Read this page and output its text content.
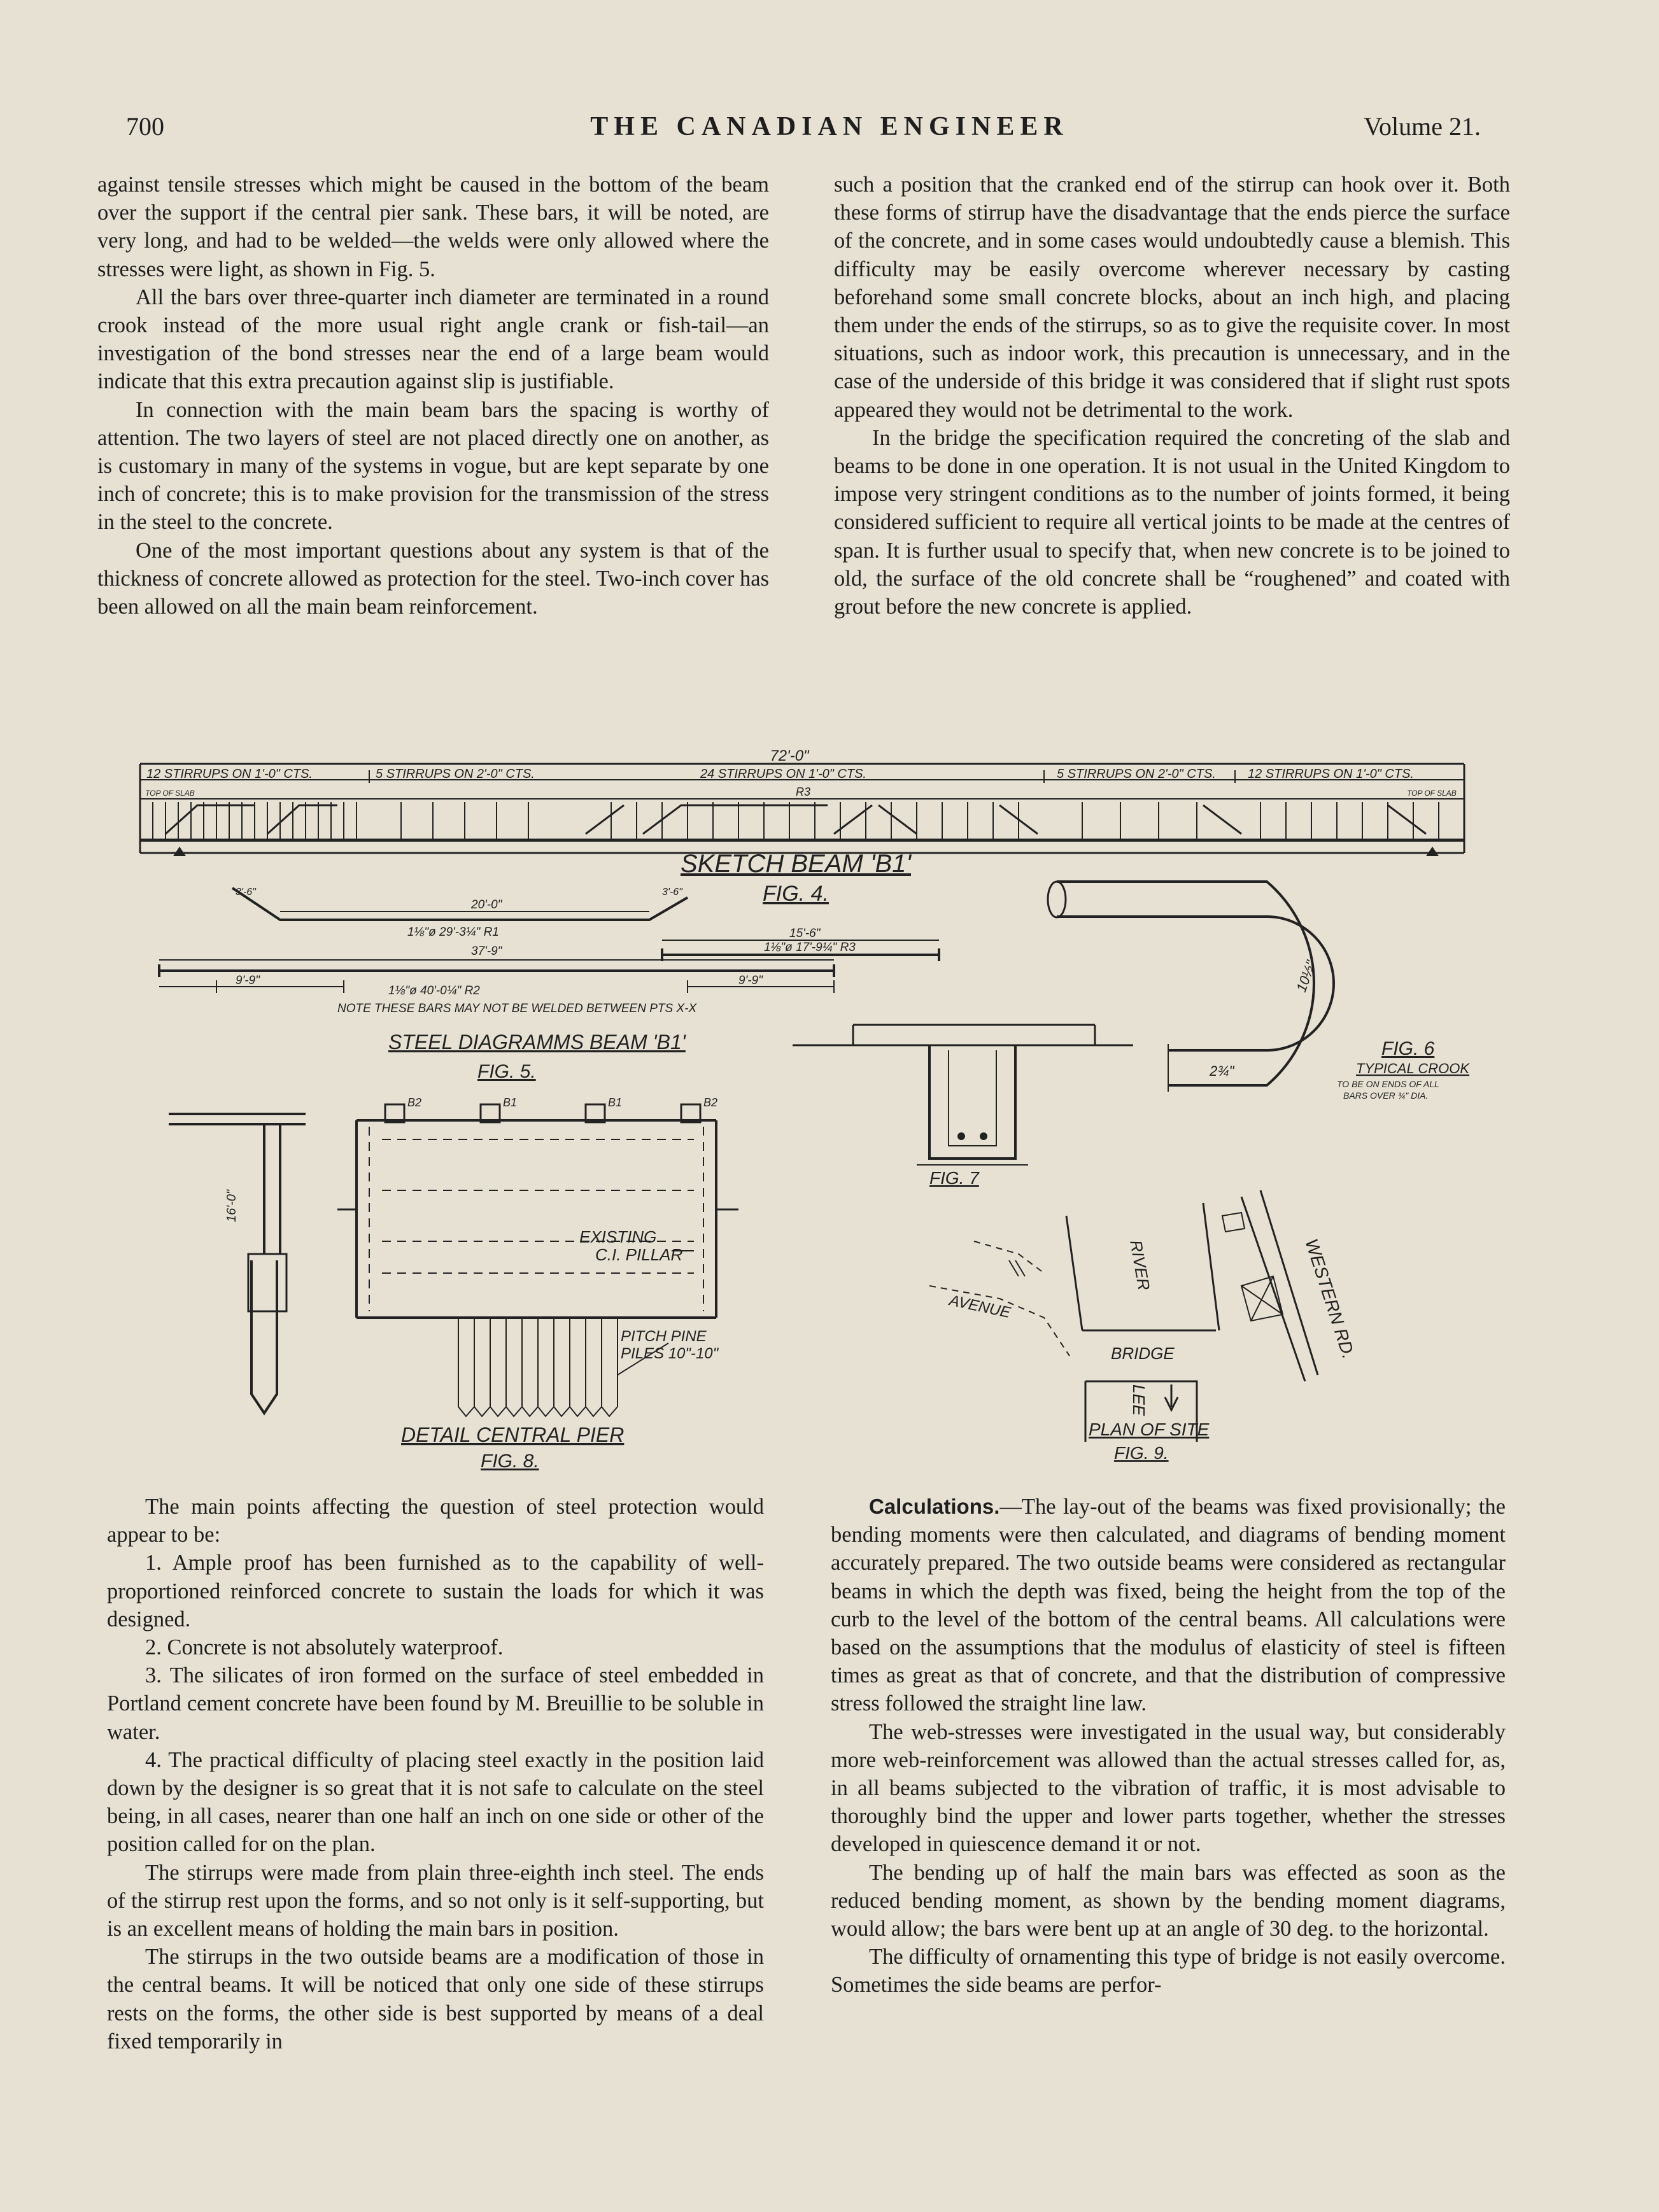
700	THE CANADIAN ENGINEER	Volume 21.

against tensile stresses which might be caused in the bottom of the beam over the support if the central pier sank. These bars, it will be noted, are very long, and had to be welded—the welds were only allowed where the stresses were light, as shown in Fig. 5.

All the bars over three-quarter inch diameter are terminated in a round crook instead of the more usual right angle crank or fish-tail—an investigation of the bond stresses near the end of a large beam would indicate that this extra precaution against slip is justifiable.

In connection with the main beam bars the spacing is worthy of attention. The two layers of steel are not placed directly one on another, as is customary in many of the systems in vogue, but are kept separate by one inch of concrete; this is to make provision for the transmission of the stress in the steel to the concrete.

One of the most important questions about any system is that of the thickness of concrete allowed as protection for the steel. Two-inch cover has been allowed on all the main beam reinforcement.

such a position that the cranked end of the stirrup can hook over it. Both these forms of stirrup have the disadvantage that the ends pierce the surface of the concrete, and in some cases would undoubtedly cause a blemish. This difficulty may be easily overcome wherever necessary by casting beforehand some small concrete blocks, about an inch high, and placing them under the ends of the stirrups, so as to give the requisite cover. In most situations, such as indoor work, this precaution is unnecessary, and in the case of the underside of this bridge it was considered that if slight rust spots appeared they would not be detrimental to the work.

In the bridge the specification required the concreting of the slab and beams to be done in one operation. It is not usual in the United Kingdom to impose very stringent conditions as to the number of joints formed, it being considered sufficient to require all vertical joints to be made at the centres of span. It is further usual to specify that, when new concrete is to be joined to old, the surface of the old concrete shall be “roughened” and coated with grout before the new concrete is applied.

72'-0"
12 STIRRUPS ON 1'-0" CTS.	5 STIRRUPS ON 2'-0" CTS.	24 STIRRUPS ON 1'-0" CTS.	5 STIRRUPS ON 2'-0" CTS.	12 STIRRUPS ON 1'-0" CTS.
TOP OF SLAB	TOP OF SLAB
R3
SKETCH BEAM 'B1'
FIG. 4.
20'-0"
37'-9"
15'-6"
9'-9"	9'-9"
3'-6"	3'-6"
1⅛"ø 29'-3¼" R1
1⅛"ø 40'-0¼" R2
1⅛"ø 17'-9¼" R3
NOTE THESE BARS MAY NOT BE WELDED BETWEEN PTS X-X
STEEL DIAGRAMMS BEAM 'B1'
FIG. 5.
FIG. 7
10½"
2¾"
FIG. 6
TYPICAL CROOK
TO BE ON ENDS OF ALL
BARS OVER ¾" DIA.
B2	B1	B1	B2
16'-0"
EXISTING
C.I. PILLAR
PITCH PINE
PILES 10"-10"
DETAIL CENTRAL PIER
FIG. 8.
RIVER	WESTERN RD.
AVENUE
BRIDGE
LEE
PLAN OF SITE
FIG. 9.

The main points affecting the question of steel protection would appear to be:

1. Ample proof has been furnished as to the capability of well-proportioned reinforced concrete to sustain the loads for which it was designed.

2. Concrete is not absolutely waterproof.

3. The silicates of iron formed on the surface of steel embedded in Portland cement concrete have been found by M. Breuillie to be soluble in water.

4. The practical difficulty of placing steel exactly in the position laid down by the designer is so great that it is not safe to calculate on the steel being, in all cases, nearer than one half an inch on one side or other of the position called for on the plan.

The stirrups were made from plain three-eighth inch steel. The ends of the stirrup rest upon the forms, and so not only is it self-supporting, but is an excellent means of holding the main bars in position.

The stirrups in the two outside beams are a modification of those in the central beams. It will be noticed that only one side of these stirrups rests on the forms, the other side is best supported by means of a deal fixed temporarily in

Calculations.—The lay-out of the beams was fixed provisionally; the bending moments were then calculated, and diagrams of bending moment accurately prepared. The two outside beams were considered as rectangular beams in which the depth was fixed, being the height from the top of the curb to the level of the bottom of the central beams. All calculations were based on the assumptions that the modulus of elasticity of steel is fifteen times as great as that of concrete, and that the distribution of compressive stress followed the straight line law.

The web-stresses were investigated in the usual way, but considerably more web-reinforcement was allowed than the actual stresses called for, as, in all beams subjected to the vibration of traffic, it is most advisable to thoroughly bind the upper and lower parts together, whether the stresses developed in quiescence demand it or not.

The bending up of half the main bars was effected as soon as the reduced bending moment, as shown by the bending moment diagrams, would allow; the bars were bent up at an angle of 30 deg. to the horizontal.

The difficulty of ornamenting this type of bridge is not easily overcome. Sometimes the side beams are perfor-
